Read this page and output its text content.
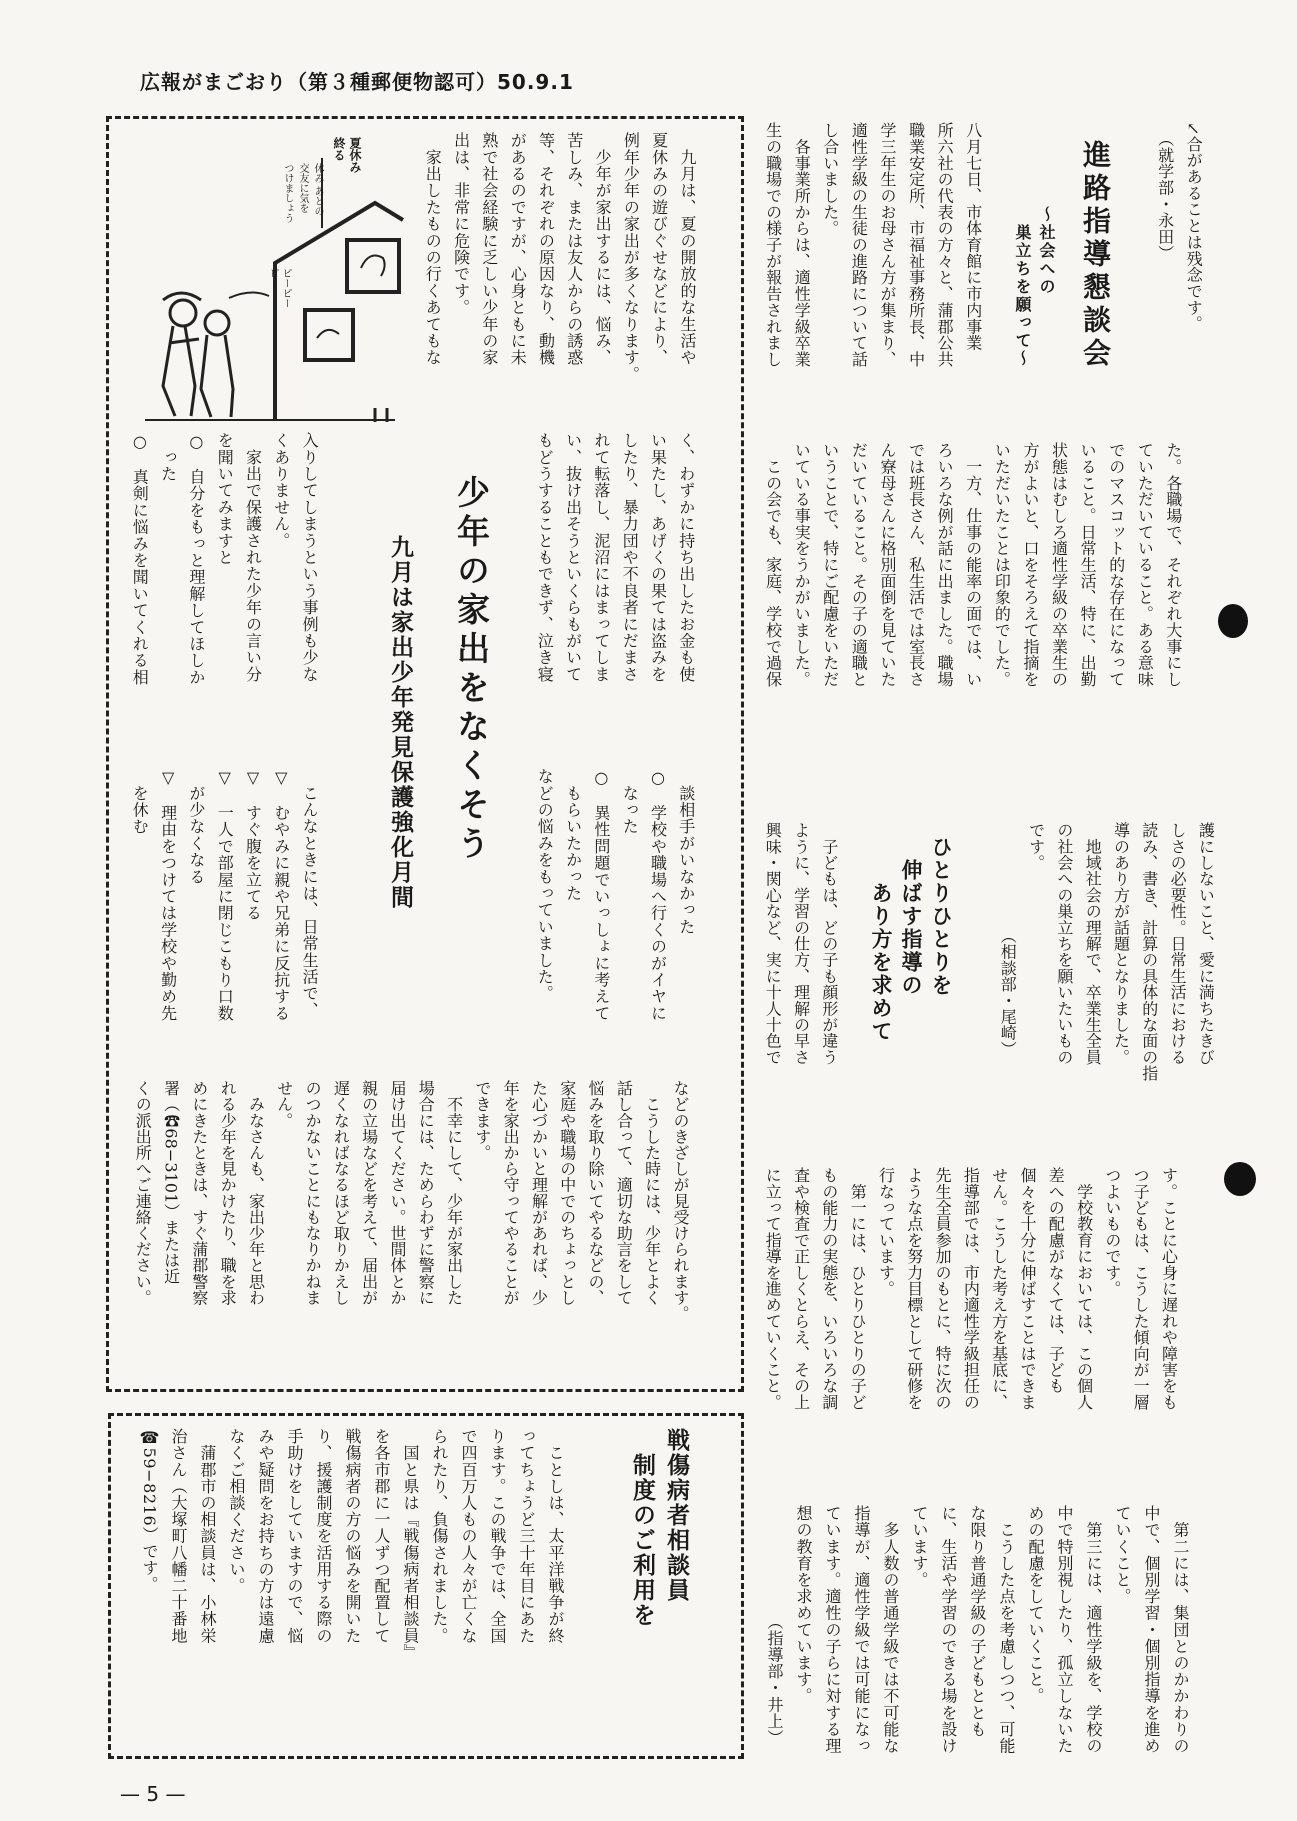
広報がまごおり（第３種郵便物認可）50.9.1

↙合があることは残念です。
　（就学部・永田）

進路指導懇談会

〜社会への
　巣立ちを願って〜

八月七日、市体育館に市内事業
所六社の代表の方々と、蒲郡公共
職業安定所、市福祉事務所長、中
学三年生のお母さん方が集まり、
適性学級の生徒の進路について話
し合いました。
　各事業所からは、適性学級卒業
生の職場での様子が報告されまし

た。各職場で、それぞれ大事にし
ていただいていること。ある意味
でのマスコット的な存在になって
いること。日常生活、特に、出勤
状態はむしろ適性学級の卒業生の
方がよいと、口をそろえて指摘を
いただいたことは印象的でした。
　一方、仕事の能率の面では、い
ろいろな例が話に出ました。職場
では班長さん、私生活では室長さ
ん寮母さんに格別面倒を見ていた
だいていること。その子の適職と
いうことで、特にご配慮をいただ
いている事実をうかがいました。
　この会でも、家庭、学校で過保

護にしないこと、愛に満ちたきび
しさの必要性。日常生活における
読み、書き、計算の具体的な面の指
導のあり方が話題となりました。
　地域社会の理解で、卒業生全員
の社会への巣立ちを願いたいもの
です。
　　　　　　　（相談部・尾崎）

ひとりひとりを
　伸ばす指導の
　　あり方を求めて

　子どもは、どの子も顔形が違う
ように、学習の仕方、理解の早さ
興味・関心など、実に十人十色で

す。ことに心身に遅れや障害をも
つ子どもは、こうした傾向が一層
つよいものです。
　学校教育においては、この個人
差への配慮がなくては、子ども
個々を十分に伸ばすことはできま
せん。こうした考え方を基底に、
指導部では、市内適性学級担任の
先生全員参加のもとに、特に次の
ような点を努力目標として研修を
行なっています。
　第一には、ひとりひとりの子ど
もの能力の実態を、いろいろな調
査や検査で正しくとらえ、その上
に立って指導を進めていくこと。

　第二には、集団とのかかわりの
中で、個別学習・個別指導を進め
ていくこと。
　第三には、適性学級を、学校の
中で特別視したり、孤立しないた
めの配慮をしていくこと。
　こうした点を考慮しつつ、可能
な限り普通学級の子どもととも
に、生活や学習のできる場を設け
ています。
　多人数の普通学級では不可能な
指導が、適性学級では可能になっ
ています。適性の子らに対する理
想の教育を求めています。
　　　　　　　（指導部・井上）

夏休み
終る

休み あとの
交友に気を
つけましょう

ピーピー
ピー	　九月は、夏の開放的な生活や
夏休みの遊びぐせなどにより、
例年少年の家出が多くなります。
　少年が家出するには、悩み、
苦しみ、または友人からの誘惑
等、それぞれの原因なり、動機
があるのですが、心身ともに未
熟で社会経験に乏しい少年の家
出は、非常に危険です。
　家出したものの行くあてもな

く、わずかに持ち出したお金も使
い果たし、あげくの果ては盗みを
したり、暴力団や不良者にだまさ
れて転落し、泥沼にはまってしま
い、抜け出そうといくらもがいて
もどうすることもできず、泣き寝

少年の家出をなくそう

九月は家出少年発見保護強化月間

入りしてしまうという事例も少な
くありません。
　家出で保護された少年の言い分
を聞いてみますと
○　自分をもっと理解してほしか
　った
○　真剣に悩みを聞いてくれる相

　談相手がいなかった
○　学校や職場へ行くのがイヤに
　なった
○　異性問題でいっしょに考えて
　もらいたかった
などの悩みをもっていました。

　こんなときには、日常生活で、
▽　むやみに親や兄弟に反抗する
▽　すぐ腹を立てる
▽　一人で部屋に閉じこもり口数
　が少なくなる
▽　理由をつけては学校や勤め先
　を休む

などのきざしが見受けられます。
　こうした時には、少年とよく
話し合って、適切な助言をして
悩みを取り除いてやるなどの、
家庭や職場の中でのちょっとし
た心づかいと理解があれば、少
年を家出から守ってやることが
できます。
　不幸にして、少年が家出した
場合には、ためらわずに警察に
届け出てください。世間体とか
親の立場などを考えて、届出が
遅くなればなるほど取りかえし
のつかないことにもなりかねま
せん。
　みなさんも、家出少年と思わ
れる少年を見かけたり、職を求
めにきたときは、すぐ蒲郡警察
署（☎68−3101）または近
くの派出所へご連絡ください。

戦傷病者相談員
　制度のご利用を

　ことしは、太平洋戦争が終
ってちょうど三十年目にあた
ります。この戦争では、全国
で四百万人もの人々が亡くな
られたり、負傷されました。
　国と県は『戦傷病者相談員』
を各市郡に一人ずつ配置して
戦傷病者の方の悩みを開いた
り、援護制度を活用する際の
手助けをしていますので、悩
みや疑問をお持ちの方は遠慮
なくご相談ください。
　蒲郡市の相談員は、小林栄
治さん（大塚町八幡二十番地
☎59−8216）です。

— 5 —
